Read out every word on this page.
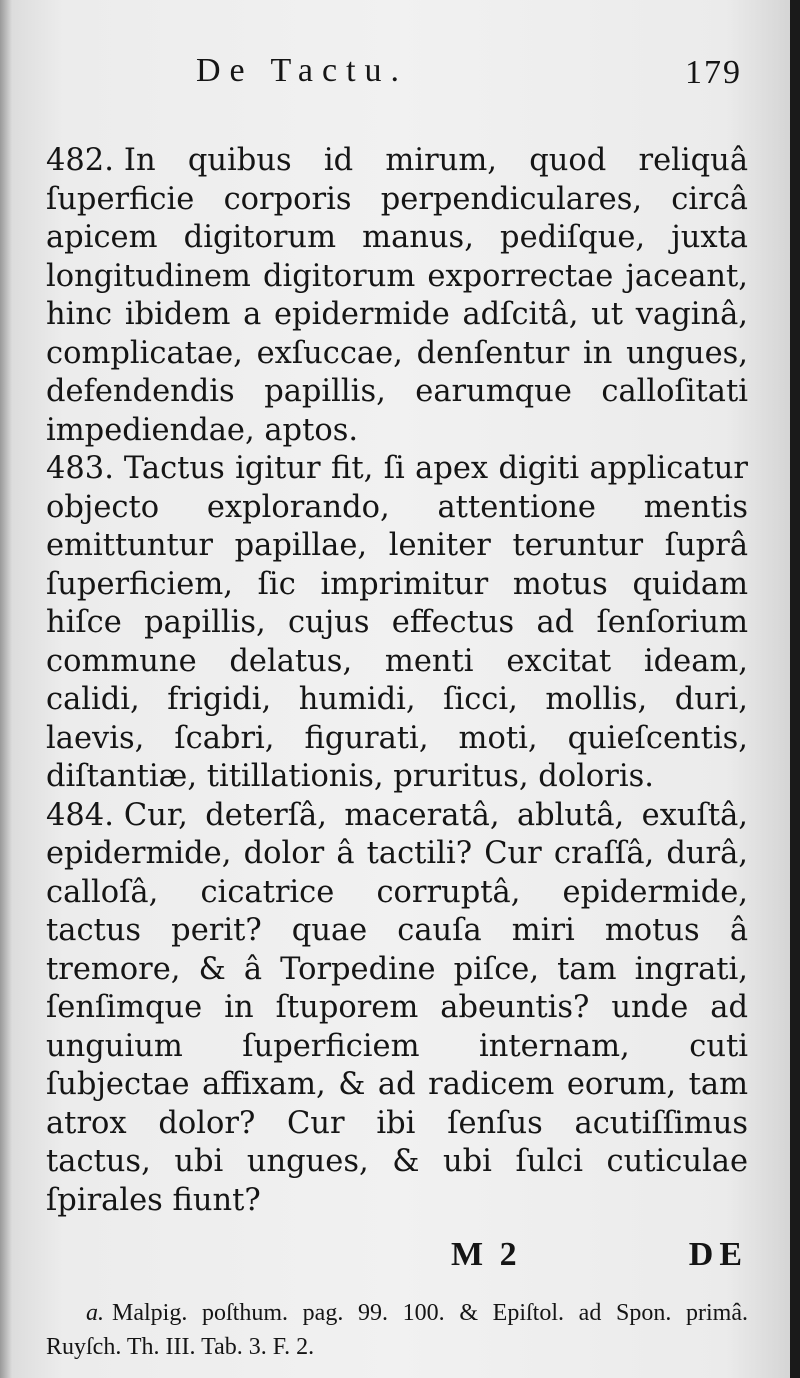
De Tactu.	179

482. In quibus id mirum, quod reliquâ ſuperficie corporis perpendiculares, circâ apicem digitorum manus, pediſque, juxta longitudinem digitorum exporrectae jaceant, hinc ibidem a epidermide adſcitâ, ut vaginâ, complicatae, exſuccae, denſentur in ungues, defendendis papillis, earumque calloſitati impediendae, aptos.

483. Tactus igitur fit, ſi apex digiti applicatur objecto explorando, attentione mentis emittuntur papillae, leniter teruntur ſuprâ ſuperficiem, ſic imprimitur motus quidam hiſce papillis, cujus effectus ad ſenſorium commune delatus, menti excitat ideam, calidi, frigidi, humidi, ſicci, mollis, duri, laevis, ſcabri, figurati, moti, quieſcentis, diſtantiæ, titillationis, pruritus, doloris.

484. Cur, deterſâ, maceratâ, ablutâ, exuſtâ, epidermide, dolor â tactili? Cur craſſâ, durâ, calloſâ, cicatrice corruptâ, epidermide, tactus perit? quae cauſa miri motus â tremore, & â Torpedine piſce, tam ingrati, ſenſimque in ſtuporem abeuntis? unde ad unguium ſuperficiem internam, cuti ſubjectae affixam, & ad radicem eorum, tam atrox dolor? Cur ibi ſenſus acutiſſimus tactus, ubi ungues, & ubi ſulci cuticulae ſpirales fiunt?

M 2	DE
a. Malpig. poſthum. pag. 99. 100. & Epiſtol. ad Spon. primâ. Ruyſch. Th. III. Tab. 3. F. 2.
